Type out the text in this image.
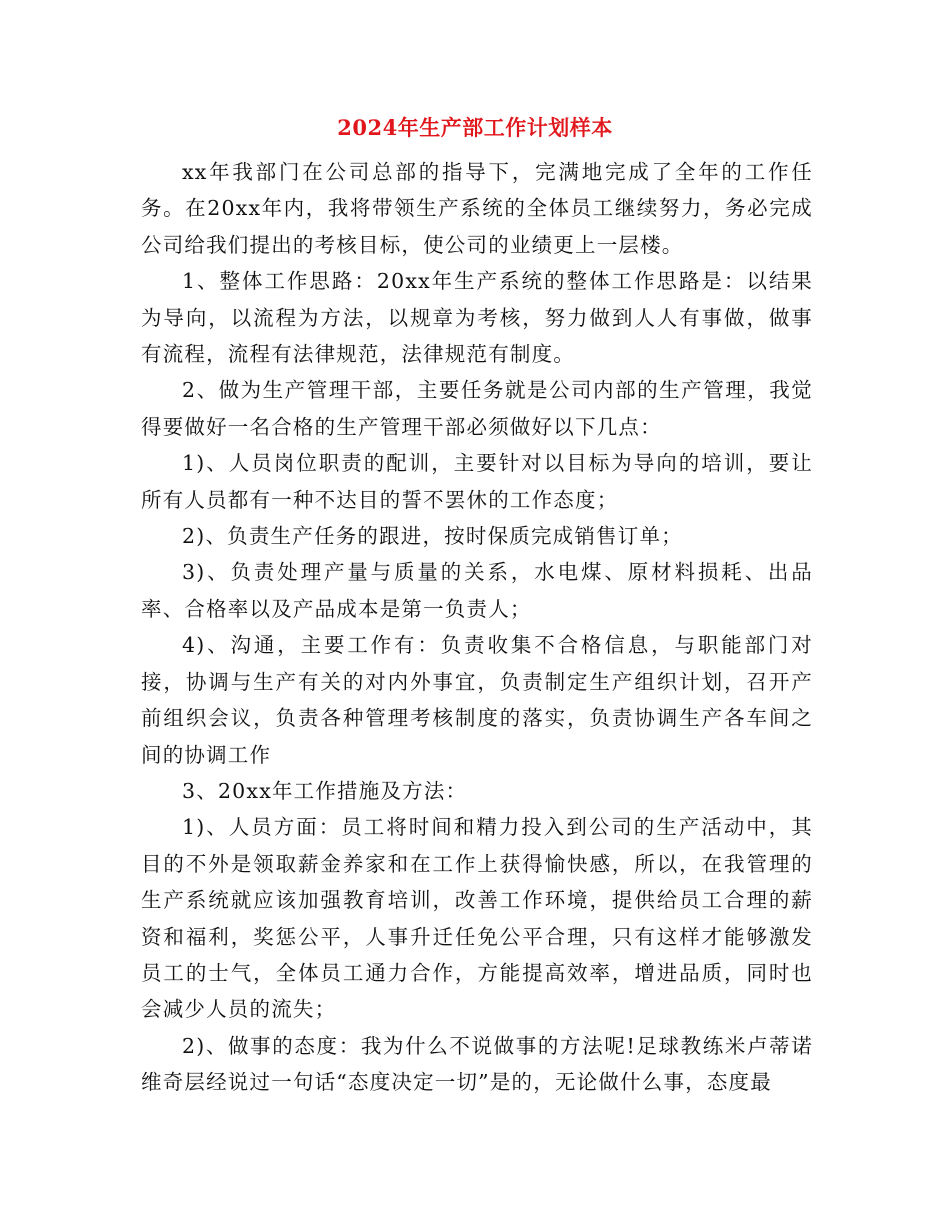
2024年生产部工作计划样本

xx年我部门在公司总部的指导下，完满地完成了全年的工作任务。在20xx年内，我将带领生产系统的全体员工继续努力，务必完成公司给我们提出的考核目标，使公司的业绩更上一层楼。

1、整体工作思路：20xx年生产系统的整体工作思路是：以结果为导向，以流程为方法，以规章为考核，努力做到人人有事做，做事有流程，流程有法律规范，法律规范有制度。

2、做为生产管理干部，主要任务就是公司内部的生产管理，我觉得要做好一名合格的生产管理干部必须做好以下几点：

1)、人员岗位职责的配训，主要针对以目标为导向的培训，要让所有人员都有一种不达目的誓不罢休的工作态度；

2)、负责生产任务的跟进，按时保质完成销售订单；

3)、负责处理产量与质量的关系，水电煤、原材料损耗、出品率、合格率以及产品成本是第一负责人；

4)、沟通，主要工作有：负责收集不合格信息，与职能部门对接，协调与生产有关的对内外事宜，负责制定生产组织计划，召开产前组织会议，负责各种管理考核制度的落实，负责协调生产各车间之间的协调工作

3、20xx年工作措施及方法：

1)、人员方面：员工将时间和精力投入到公司的生产活动中，其目的不外是领取薪金养家和在工作上获得愉快感，所以，在我管理的生产系统就应该加强教育培训，改善工作环境，提供给员工合理的薪资和福利，奖惩公平，人事升迁任免公平合理，只有这样才能够激发员工的士气，全体员工通力合作，方能提高效率，增进品质，同时也会减少人员的流失；

2)、做事的态度：我为什么不说做事的方法呢!足球教练米卢蒂诺维奇层经说过一句话“态度决定一切”是的，无论做什么事，态度最
